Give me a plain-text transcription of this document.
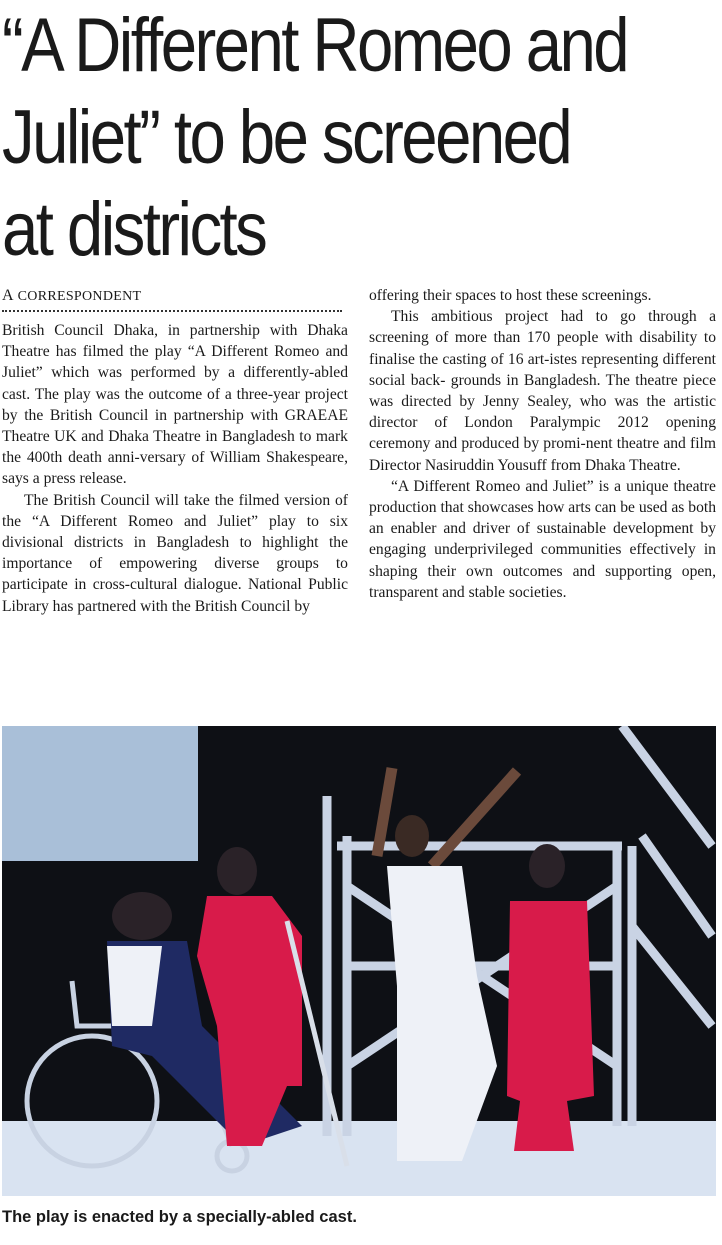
“A Different Romeo and
Juliet” to be screened
at districts
A CORRESPONDENT

British Council Dhaka, in partnership with Dhaka Theatre has filmed the play “A Different Romeo and Juliet” which was performed by a differently-abled cast. The play was the outcome of a three-year project by the British Council in partnership with GRAEAE Theatre UK and Dhaka Theatre in Bangladesh to mark the 400th death anni-versary of William Shakespeare, says a press release.

The British Council will take the filmed version of the “A Different Romeo and Juliet” play to six divisional districts in Bangladesh to highlight the importance of empowering diverse groups to participate in cross-cultural dialogue. National Public Library has partnered with the British Council by

offering their spaces to host these screenings.

This ambitious project had to go through a screening of more than 170 people with disability to finalise the casting of 16 art-istes representing different social back- grounds in Bangladesh. The theatre piece was directed by Jenny Sealey, who was the artistic director of London Paralympic 2012 opening ceremony and produced by promi-nent theatre and film Director Nasiruddin Yousuff from Dhaka Theatre.

“A Different Romeo and Juliet” is a unique theatre production that showcases how arts can be used as both an enabler and driver of sustainable development by engaging underprivileged communities effectively in shaping their own outcomes and supporting open, transparent and stable societies.

The play is enacted by a specially-abled cast.
